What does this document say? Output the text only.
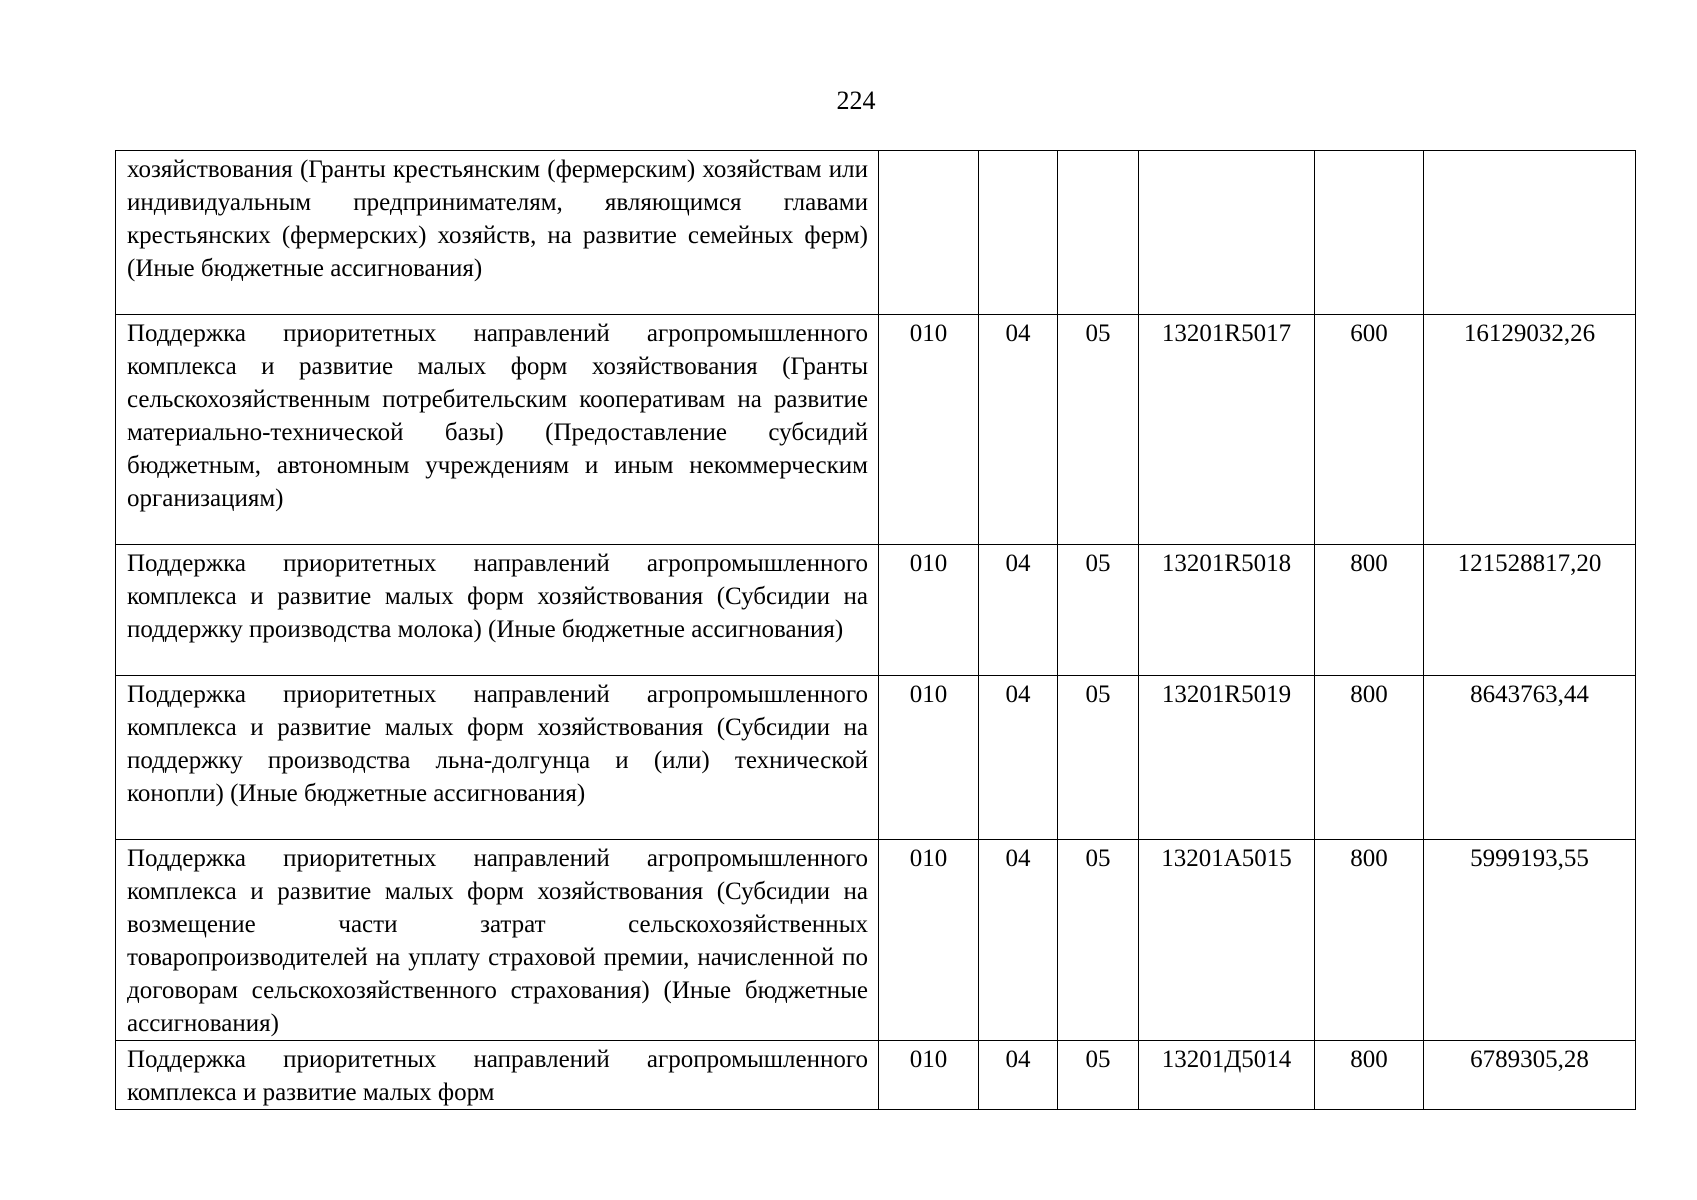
224
хозяйствования (Гранты крестьянским (фермерским) хозяйствам или индивидуальным предпринимателям, являющимся главами крестьянских (фермерских) хозяйств, на развитие семейных ферм) (Иные бюджетные ассигнования)						
Поддержка приоритетных направлений агропромышленного комплекса и развитие малых форм хозяйствования (Гранты сельскохозяйственным потребительским кооперативам на развитие материально-технической базы) (Предоставление субсидий бюджетным, автономным учреждениям и иным некоммерческим организациям)	010	04	05	13201R5017	600	16129032,26
Поддержка приоритетных направлений агропромышленного комплекса и развитие малых форм хозяйствования (Субсидии на поддержку производства молока) (Иные бюджетные ассигнования)	010	04	05	13201R5018	800	121528817,20
Поддержка приоритетных направлений агропромышленного комплекса и развитие малых форм хозяйствования (Субсидии на поддержку производства льна-долгунца и (или) технической конопли) (Иные бюджетные ассигнования)	010	04	05	13201R5019	800	8643763,44
Поддержка приоритетных направлений агропромышленного комплекса и развитие малых форм хозяйствования (Субсидии на возмещение части затрат сельскохозяйственных товаропроизводителей на уплату страховой премии, начисленной по договорам сельскохозяйственного страхования) (Иные бюджетные ассигнования)	010	04	05	13201А5015	800	5999193,55
Поддержка приоритетных направлений агропромышленного комплекса и развитие малых форм	010	04	05	13201Д5014	800	6789305,28
